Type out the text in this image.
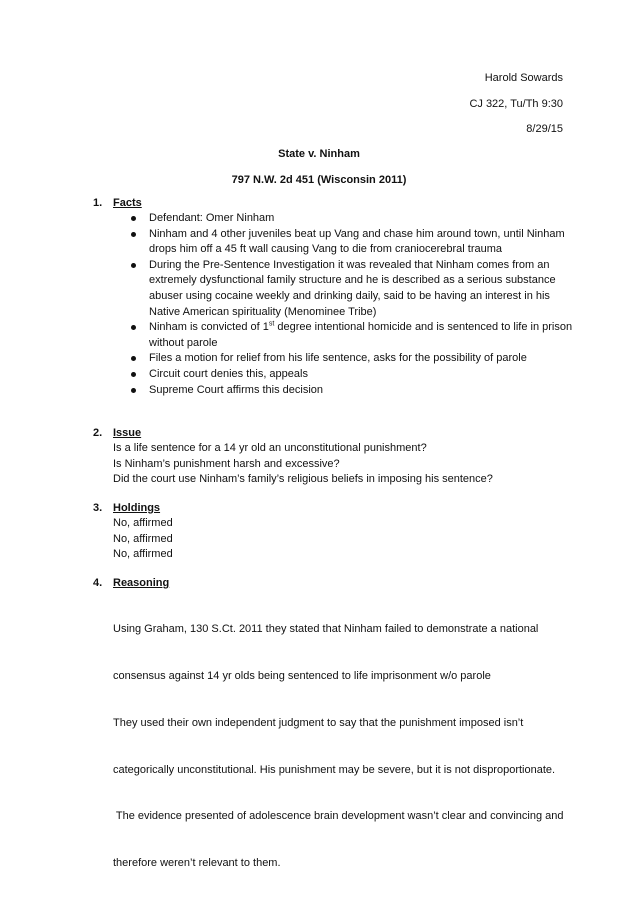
Harold Sowards
CJ 322, Tu/Th 9:30
8/29/15
State v. Ninham
797 N.W. 2d 451 (Wisconsin 2011)
1. Facts
Defendant: Omer Ninham
Ninham and 4 other juveniles beat up Vang and chase him around town, until Ninham drops him off a 45 ft wall causing Vang to die from craniocerebral trauma
During the Pre-Sentence Investigation it was revealed that Ninham comes from an extremely dysfunctional family structure and he is described as a serious substance abuser using cocaine weekly and drinking daily, said to be having an interest in his Native American spirituality (Menominee Tribe)
Ninham is convicted of 1st degree intentional homicide and is sentenced to life in prison without parole
Files a motion for relief from his life sentence, asks for the possibility of parole
Circuit court denies this, appeals
Supreme Court affirms this decision
2. Issue

Is a life sentence for a 14 yr old an unconstitutional punishment?

Is Ninham’s punishment harsh and excessive?

Did the court use Ninham’s family’s religious beliefs in imposing his sentence?

3. Holdings

No, affirmed

No, affirmed

No, affirmed

4. Reasoning

Using Graham, 130 S.Ct. 2011 they stated that Ninham failed to demonstrate a national

consensus against 14 yr olds being sentenced to life imprisonment w/o parole

They used their own independent judgment to say that the punishment imposed isn’t

categorically unconstitutional. His punishment may be severe, but it is not disproportionate.

The evidence presented of adolescence brain development wasn’t clear and convincing and

therefore weren’t relevant to them.
